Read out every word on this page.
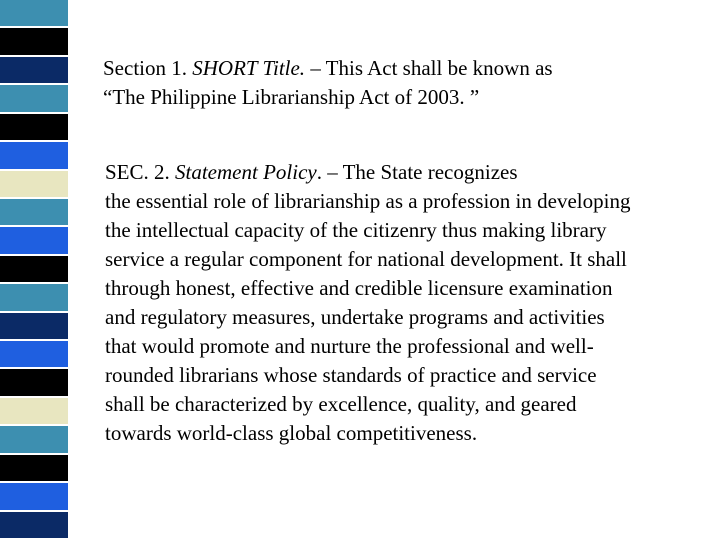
Section 1. SHORT Title. – This Act shall be known as
“The Philippine Librarianship Act of 2003. ”
SEC. 2. Statement Policy. – The State recognizes
the essential role of librarianship as a profession in developing
the intellectual capacity of the citizenry thus making library
service a regular component for national development. It shall
through honest, effective and credible licensure examination
and regulatory measures, undertake programs and activities
that would promote and nurture the professional and well-
rounded librarians whose standards of practice and service
shall be characterized by excellence, quality, and geared
towards world-class global competitiveness.
